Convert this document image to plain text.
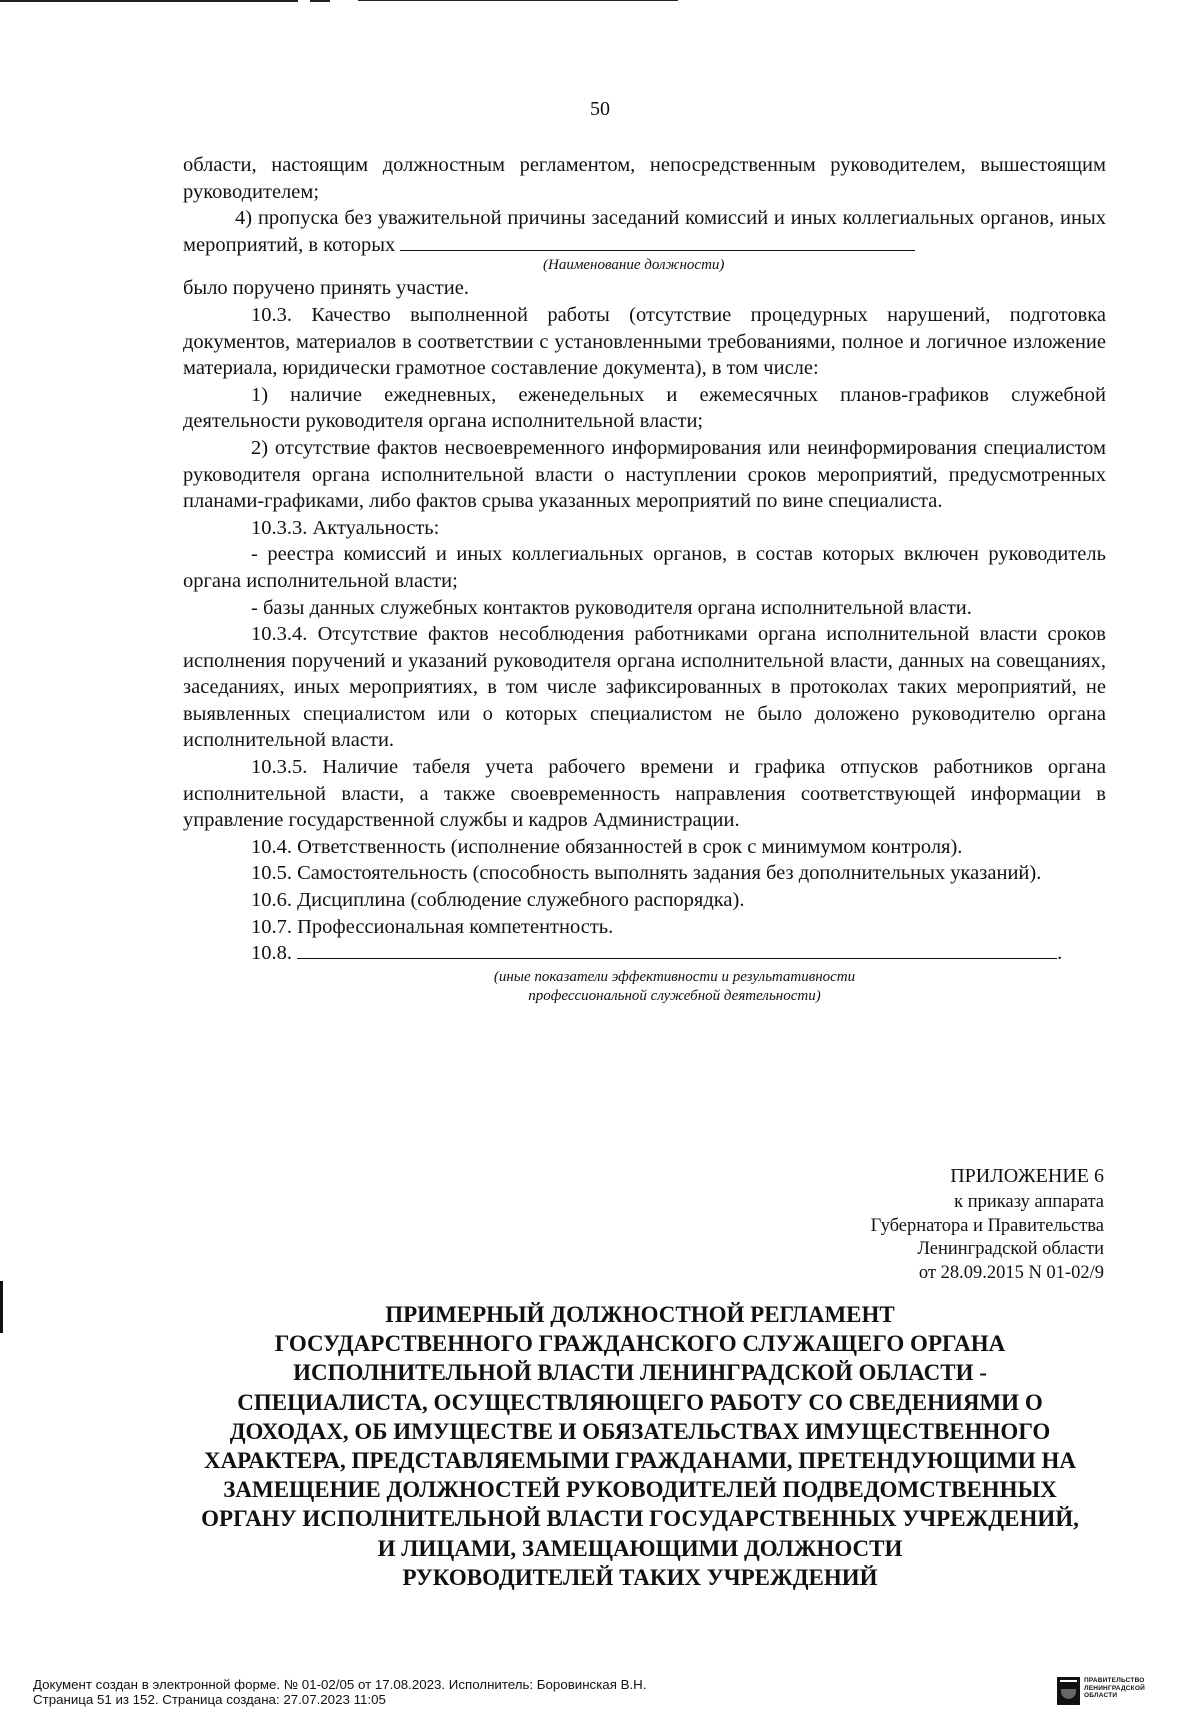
50

области, настоящим должностным регламентом, непосредственным руководителем, вышестоящим руководителем;

4) пропуска без уважительной причины заседаний комиссий и иных коллегиальных органов, иных мероприятий, в которых

(Наименование должности)

было поручено принять участие.

10.3. Качество выполненной работы (отсутствие процедурных нарушений, подготовка документов, материалов в соответствии с установленными требованиями, полное и логичное изложение материала, юридически грамотное составление документа), в том числе:

1) наличие ежедневных, еженедельных и ежемесячных планов-графиков служебной деятельности руководителя органа исполнительной власти;

2) отсутствие фактов несвоевременного информирования или неинформирования специалистом руководителя органа исполнительной власти о наступлении сроков мероприятий, предусмотренных планами-графиками, либо фактов срыва указанных мероприятий по вине специалиста.

10.3.3. Актуальность:

- реестра комиссий и иных коллегиальных органов, в состав которых включен руководитель органа исполнительной власти;

- базы данных служебных контактов руководителя органа исполнительной власти.

10.3.4. Отсутствие фактов несоблюдения работниками органа исполнительной власти сроков исполнения поручений и указаний руководителя органа исполнительной власти, данных на совещаниях, заседаниях, иных мероприятиях, в том числе зафиксированных в протоколах таких мероприятий, не выявленных специалистом или о которых специалистом не было доложено руководителю органа исполнительной власти.

10.3.5. Наличие табеля учета рабочего времени и графика отпусков работников органа исполнительной власти, а также своевременность направления соответствующей информации в управление государственной службы и кадров Администрации.

10.4. Ответственность (исполнение обязанностей в срок с минимумом контроля).

10.5. Самостоятельность (способность выполнять задания без дополнительных указаний).

10.6. Дисциплина (соблюдение служебного распорядка).

10.7. Профессиональная компетентность.

10.8.	.

(иные показатели эффективности и результативности
профессиональной служебной деятельности)
ПРИЛОЖЕНИЕ 6
к приказу аппарата
Губернатора и Правительства
Ленинградской области
от 28.09.2015 N 01-02/9
ПРИМЕРНЫЙ ДОЛЖНОСТНОЙ РЕГЛАМЕНТ
ГОСУДАРСТВЕННОГО ГРАЖДАНСКОГО СЛУЖАЩЕГО ОРГАНА
ИСПОЛНИТЕЛЬНОЙ ВЛАСТИ ЛЕНИНГРАДСКОЙ ОБЛАСТИ -
СПЕЦИАЛИСТА, ОСУЩЕСТВЛЯЮЩЕГО РАБОТУ СО СВЕДЕНИЯМИ О
ДОХОДАХ, ОБ ИМУЩЕСТВЕ И ОБЯЗАТЕЛЬСТВАХ ИМУЩЕСТВЕННОГО
ХАРАКТЕРА, ПРЕДСТАВЛЯЕМЫМИ ГРАЖДАНАМИ, ПРЕТЕНДУЮЩИМИ НА
ЗАМЕЩЕНИЕ ДОЛЖНОСТЕЙ РУКОВОДИТЕЛЕЙ ПОДВЕДОМСТВЕННЫХ
ОРГАНУ ИСПОЛНИТЕЛЬНОЙ ВЛАСТИ ГОСУДАРСТВЕННЫХ УЧРЕЖДЕНИЙ,
И ЛИЦАМИ, ЗАМЕЩАЮЩИМИ ДОЛЖНОСТИ
РУКОВОДИТЕЛЕЙ ТАКИХ УЧРЕЖДЕНИЙ
Документ создан в электронной форме. № 01-02/05 от 17.08.2023. Исполнитель: Боровинская В.Н.
Страница 51 из 152. Страница создана: 27.07.2023 11:05
ПРАВИТЕЛЬСТВО
ЛЕНИНГРАДСКОЙ
ОБЛАСТИ
